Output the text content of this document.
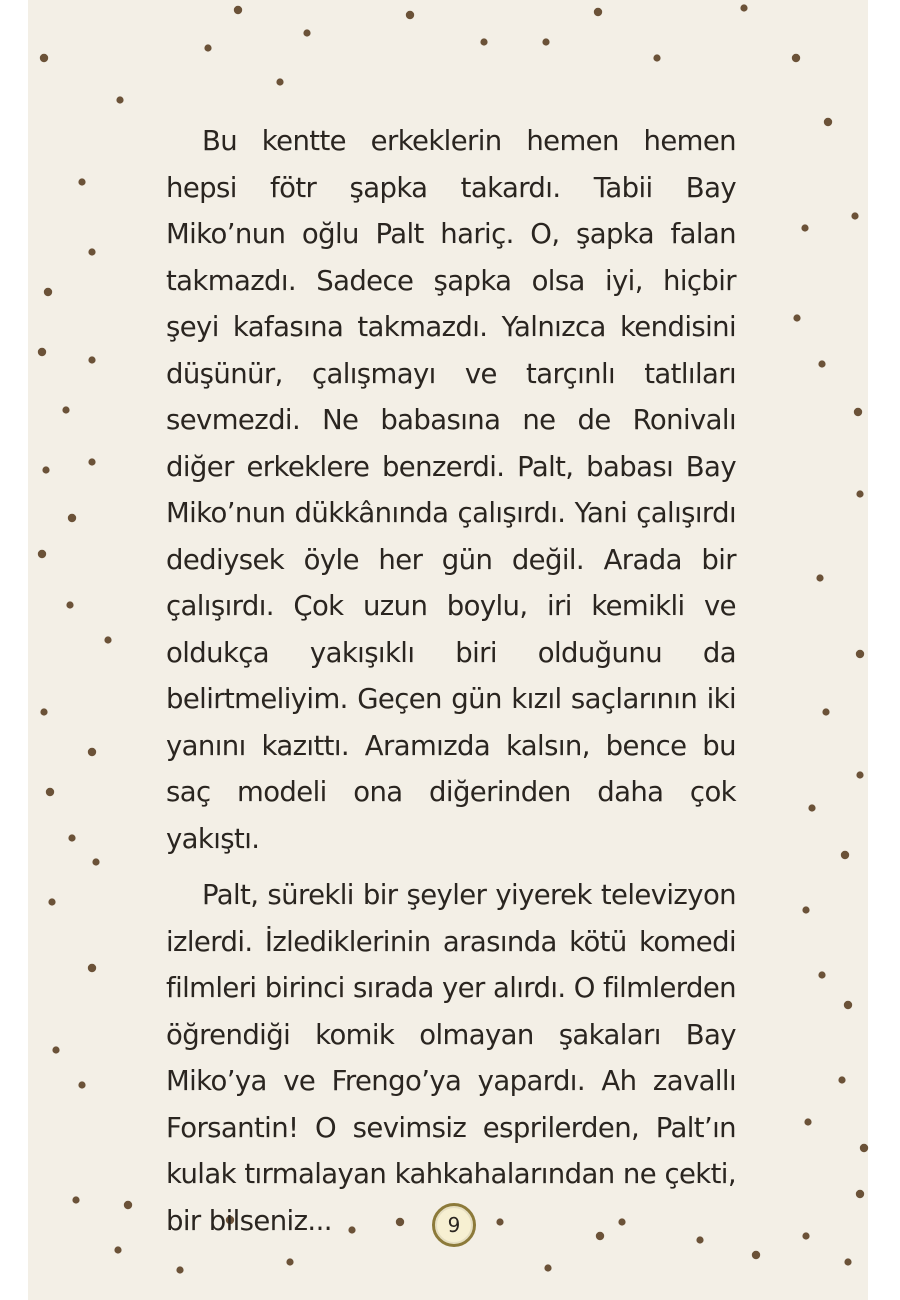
Bu kentte erkeklerin hemen hemen hepsi fötr şapka takardı. Tabii Bay Miko’nun oğlu Palt hariç. O, şapka falan takmazdı. Sadece şapka olsa iyi, hiçbir şeyi kafasına takmazdı. Yalnızca kendisini düşünür, çalışmayı ve tarçınlı tatlıları sevmezdi. Ne babasına ne de Ronivalı diğer erkeklere benzerdi. Palt, babası Bay Miko’nun dükkânında çalışırdı. Yani çalışırdı dediysek öyle her gün değil. Arada bir çalışırdı. Çok uzun boylu, iri kemikli ve oldukça yakışıklı biri olduğunu da belirtmeliyim. Geçen gün kızıl saçlarının iki yanını kazıttı. Aramızda kalsın, bence bu saç modeli ona diğerinden daha çok yakıştı.

Palt, sürekli bir şeyler yiyerek televizyon izlerdi. İzlediklerinin arasında kötü komedi filmleri birinci sırada yer alırdı. O filmlerden öğrendiği komik olmayan şakaları Bay Miko’ya ve Frengo’ya yapardı. Ah zavallı Forsantin! O sevimsiz esprilerden, Palt’ın kulak tırmalayan kahkahalarından ne çekti, bir bilseniz...	9
